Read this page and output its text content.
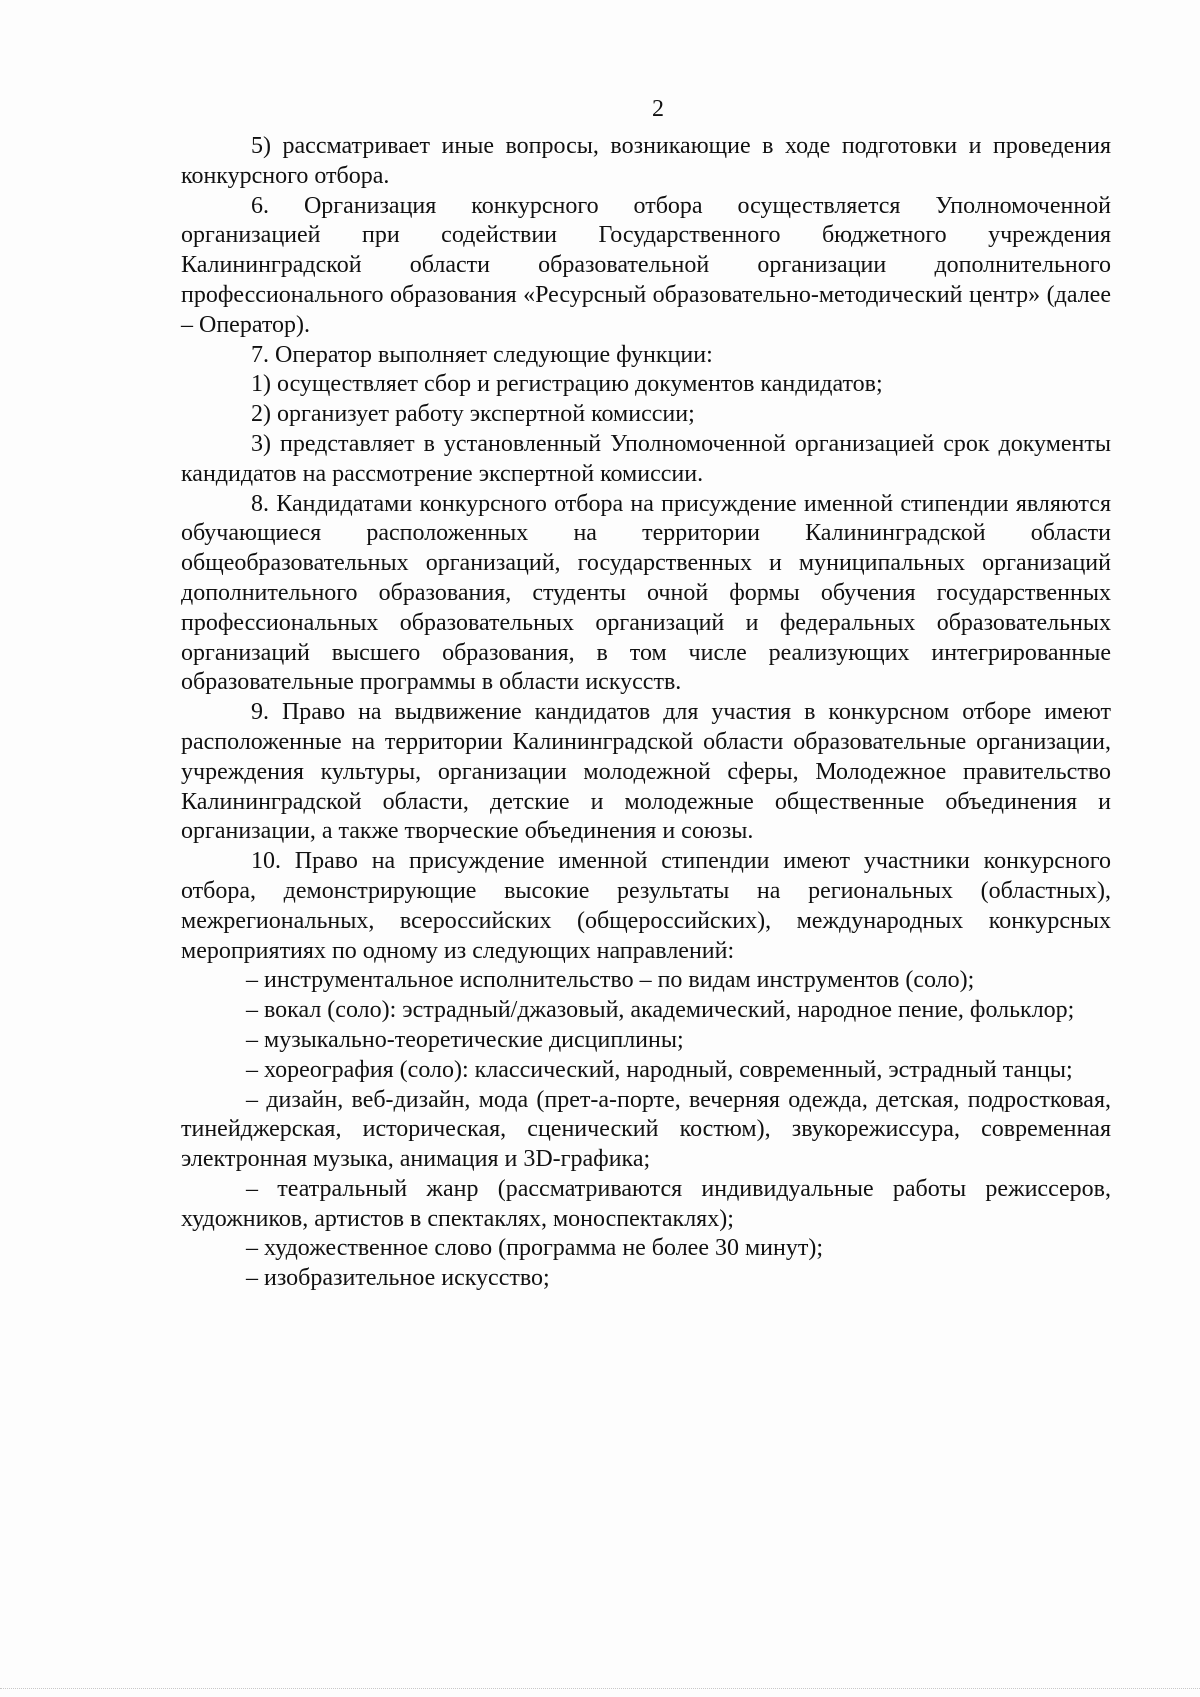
2

5) рассматривает иные вопросы, возникающие в ходе подготовки и проведения конкурсного отбора.

6. Организация конкурсного отбора осуществляется Уполномоченной организацией при содействии Государственного бюджетного учреждения Калининградской области образовательной организации дополнительного профессионального образования «Ресурсный образовательно-методический центр» (далее – Оператор).

7. Оператор выполняет следующие функции:

1) осуществляет сбор и регистрацию документов кандидатов;

2) организует работу экспертной комиссии;

3) представляет в установленный Уполномоченной организацией срок документы кандидатов на рассмотрение экспертной комиссии.

8. Кандидатами конкурсного отбора на присуждение именной стипендии являются обучающиеся расположенных на территории Калининградской области общеобразовательных организаций, государственных и муниципальных организаций дополнительного образования, студенты очной формы обучения государственных профессиональных образовательных организаций и федеральных образовательных организаций высшего образования, в том числе реализующих интегрированные образовательные программы в области искусств.

9. Право на выдвижение кандидатов для участия в конкурсном отборе имеют расположенные на территории Калининградской области образовательные организации, учреждения культуры, организации молодежной сферы, Молодежное правительство Калининградской области, детские и молодежные общественные объединения и организации, а также творческие объединения и союзы.

10. Право на присуждение именной стипендии имеют участники конкурсного отбора, демонстрирующие высокие результаты на региональных (областных), межрегиональных, всероссийских (общероссийских), международных конкурсных мероприятиях по одному из следующих направлений:

– инструментальное исполнительство – по видам инструментов (соло);

– вокал (соло): эстрадный/джазовый, академический, народное пение, фольклор;

– музыкально-теоретические дисциплины;

– хореография (соло): классический, народный, современный, эстрадный танцы;

– дизайн, веб-дизайн, мода (прет-а-порте, вечерняя одежда, детская, подростковая, тинейджерская, историческая, сценический костюм), звукорежиссура, современная электронная музыка, анимация и 3D-графика;

– театральный жанр (рассматриваются индивидуальные работы режиссеров, художников, артистов в спектаклях, моноспектаклях);

– художественное слово (программа не более 30 минут);

– изобразительное искусство;
